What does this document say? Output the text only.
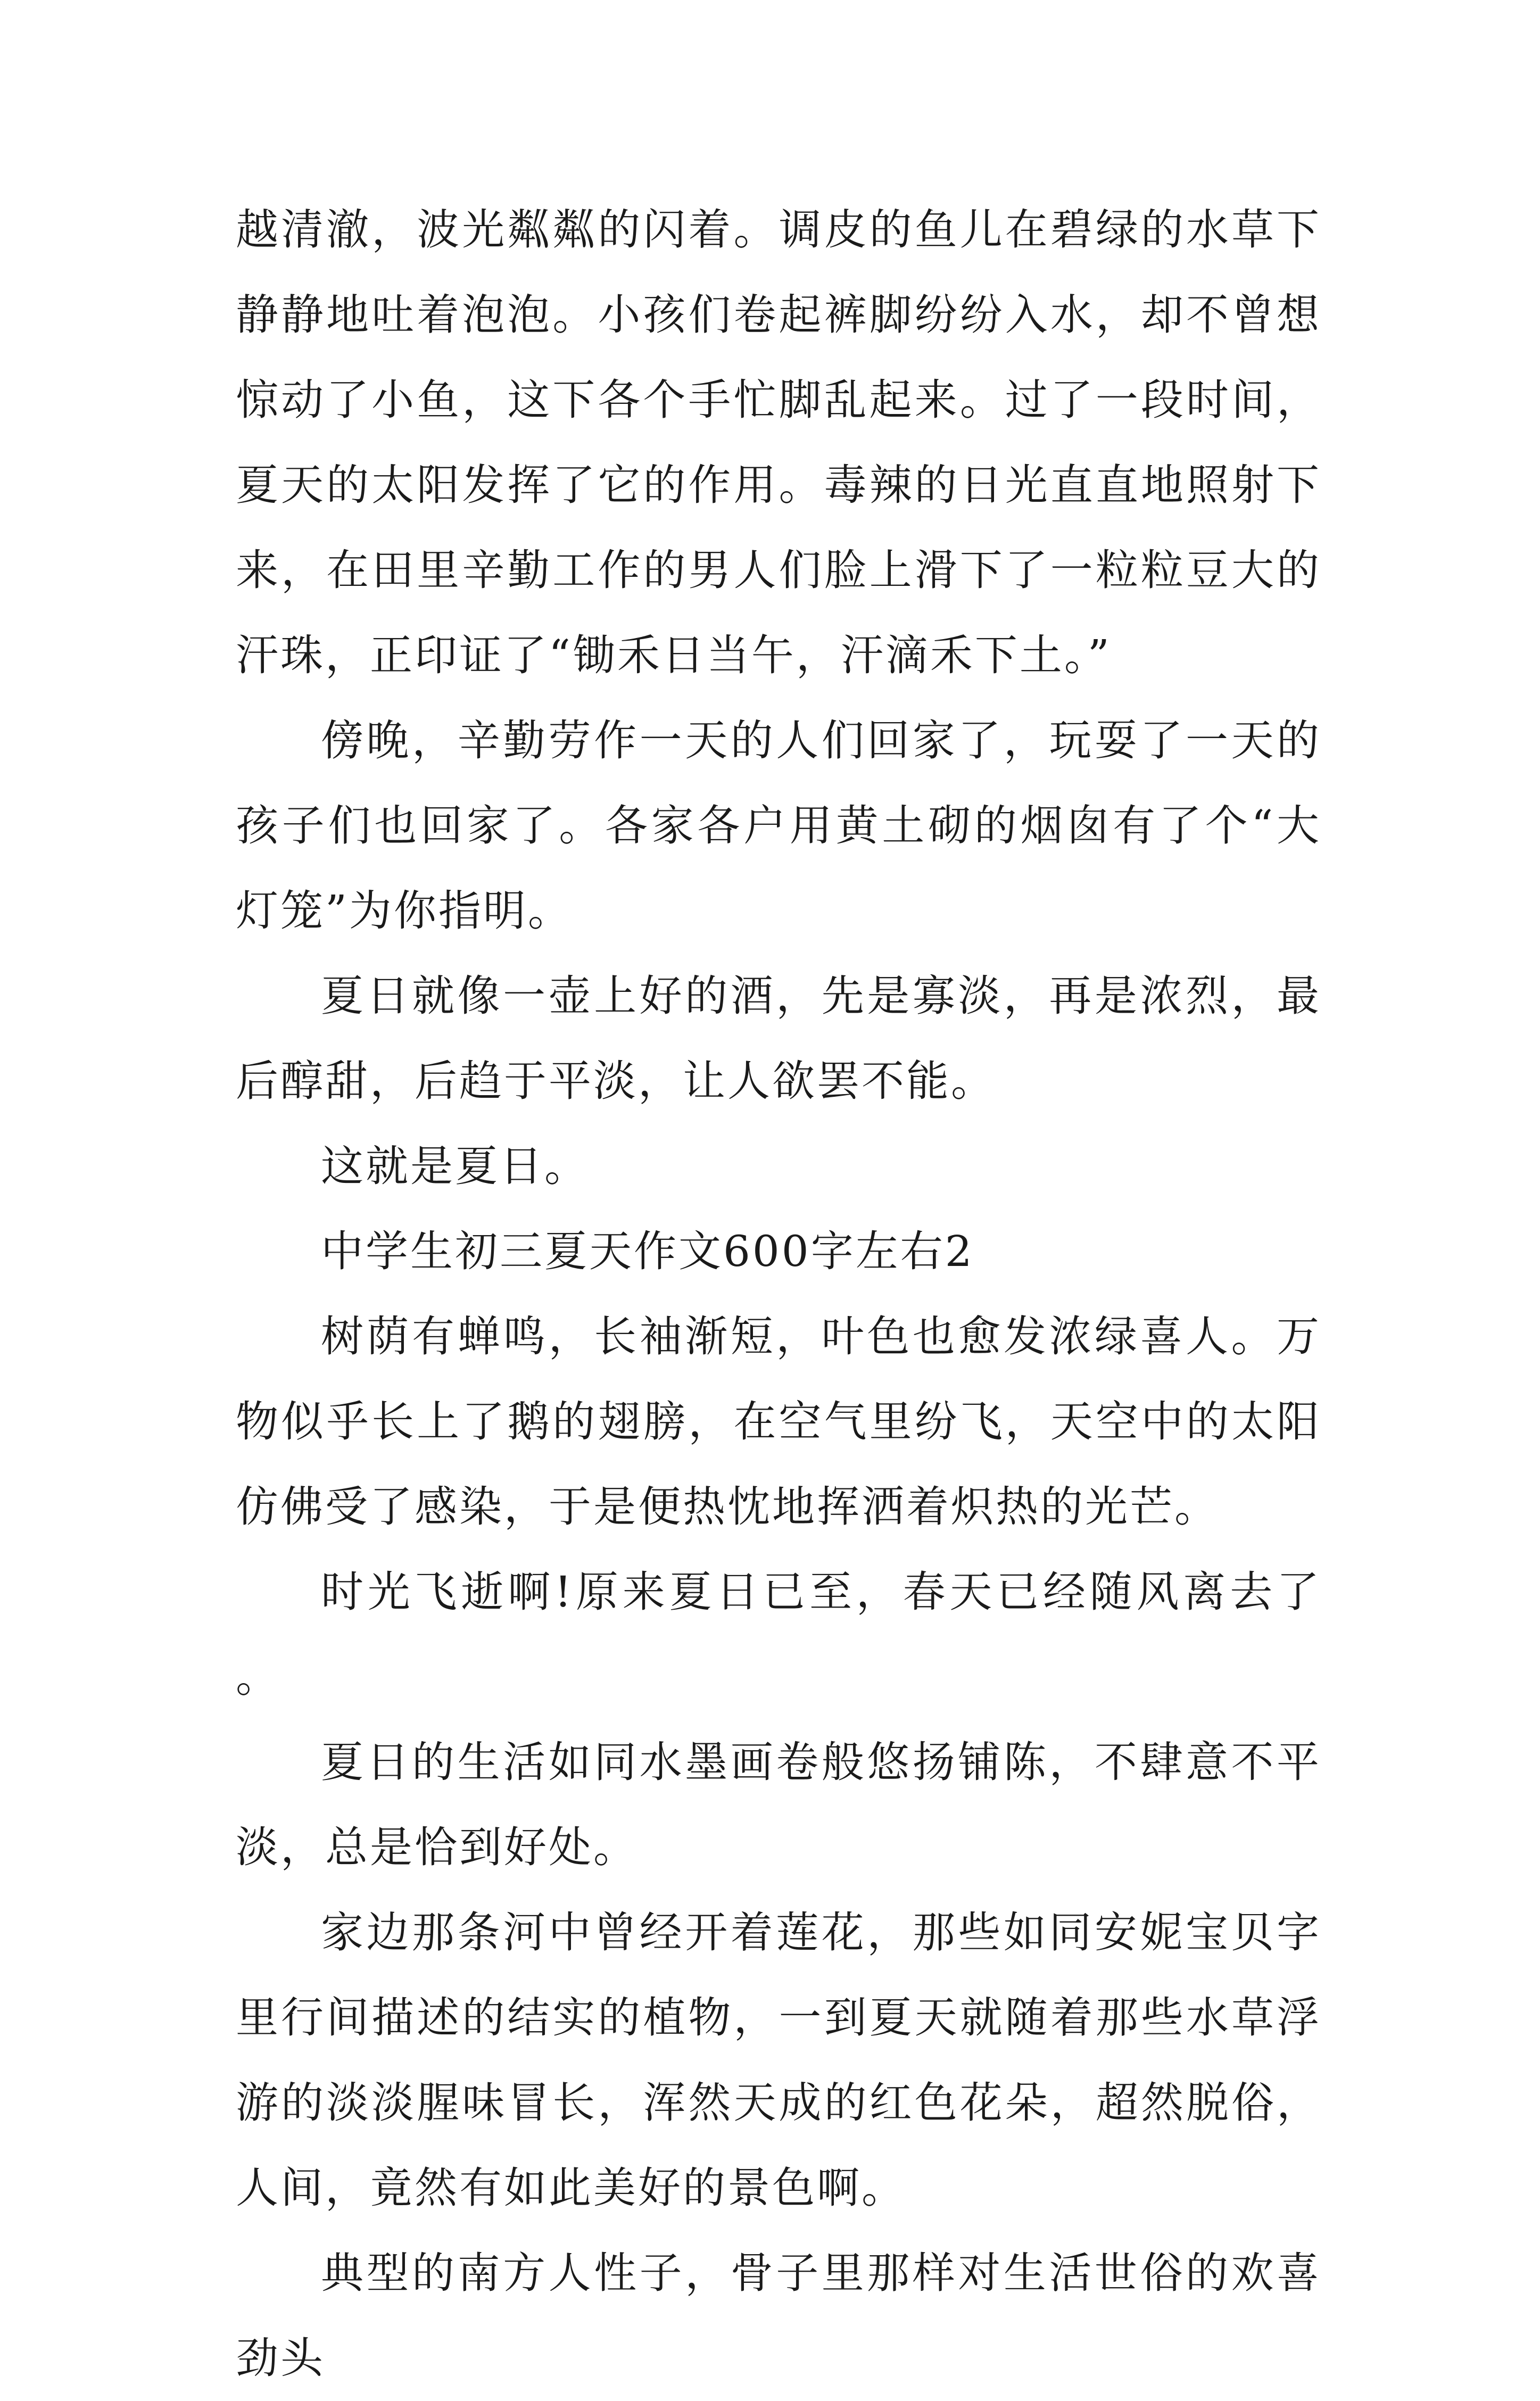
越清澈，波光粼粼的闪着。调皮的鱼儿在碧绿的水草下静静地吐着泡泡。小孩们卷起裤脚纷纷入水，却不曾想惊动了小鱼，这下各个手忙脚乱起来。过了一段时间，夏天的太阳发挥了它的作用。毒辣的日光直直地照射下来，在田里辛勤工作的男人们脸上滑下了一粒粒豆大的汗珠，正印证了“锄禾日当午，汗滴禾下土。”

傍晚，辛勤劳作一天的人们回家了，玩耍了一天的孩子们也回家了。各家各户用黄土砌的烟囱有了个“大灯笼”为你指明。

夏日就像一壶上好的酒，先是寡淡，再是浓烈，最后醇甜，后趋于平淡，让人欲罢不能。

这就是夏日。

中学生初三夏天作文600字左右2

树荫有蝉鸣，长袖渐短，叶色也愈发浓绿喜人。万物似乎长上了鹅的翅膀，在空气里纷飞，天空中的太阳仿佛受了感染，于是便热忱地挥洒着炽热的光芒。

时光飞逝啊!原来夏日已至，春天已经随风离去了。

夏日的生活如同水墨画卷般悠扬铺陈，不肆意不平淡，总是恰到好处。

家边那条河中曾经开着莲花，那些如同安妮宝贝字里行间描述的结实的植物，一到夏天就随着那些水草浮游的淡淡腥味冒长，浑然天成的红色花朵，超然脱俗，人间，竟然有如此美好的景色啊。

典型的南方人性子，骨子里那样对生活世俗的欢喜劲头
